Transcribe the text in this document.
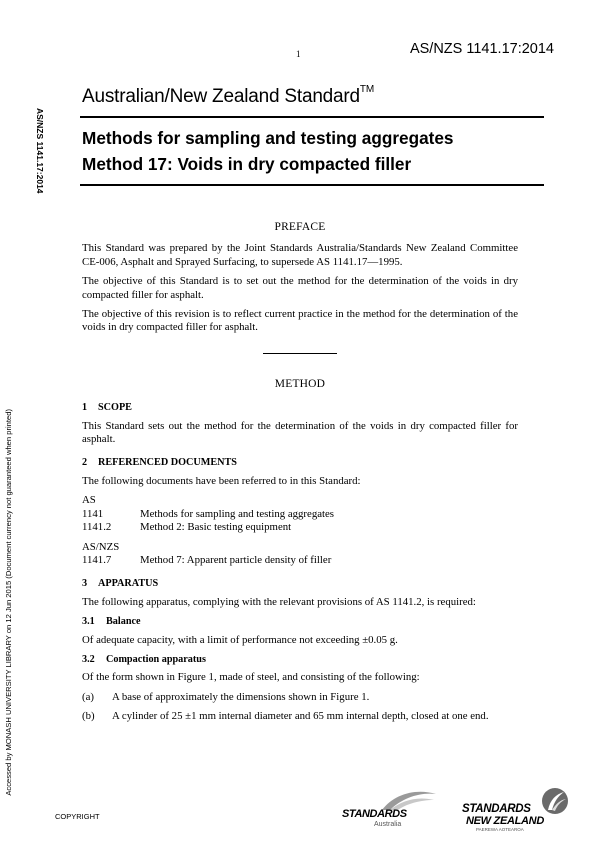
1	AS/NZS 1141.17:2014
AS/NZS 1141.17:2014
Accessed by MONASH UNIVERSITY LIBRARY on 12 Jun 2015 (Document currency not guaranteed when printed)
Australian/New Zealand Standard™
Methods for sampling and testing aggregates
Method 17: Voids in dry compacted filler
PREFACE

This Standard was prepared by the Joint Standards Australia/Standards New Zealand Committee CE-006, Asphalt and Sprayed Surfacing, to supersede AS 1141.17—1995.

The objective of this Standard is to set out the method for the determination of the voids in dry compacted filler for asphalt.

The objective of this revision is to reflect current practice in the method for the determination of the voids in dry compacted filler for asphalt.

METHOD
1 SCOPE

This Standard sets out the method for the determination of the voids in dry compacted filler for asphalt.

2 REFERENCED DOCUMENTS

The following documents have been referred to in this Standard:

AS
1141	Methods for sampling and testing aggregates
1141.2	Method 2: Basic testing equipment
AS/NZS
1141.7	Method 7: Apparent particle density of filler
3 APPARATUS

The following apparatus, complying with the relevant provisions of AS 1141.2, is required:

3.1 Balance

Of adequate capacity, with a limit of performance not exceeding ±0.05 g.

3.2 Compaction apparatus

Of the form shown in Figure 1, made of steel, and consisting of the following:

(a)	A base of approximately the dimensions shown in Figure 1.
(b)	A cylinder of 25 ±1 mm internal diameter and 65 mm internal depth, closed at one end.
COPYRIGHT	STANDARDS
Australia
STANDARDS
NEW ZEALAND
PAEREWA AOTEAROA
